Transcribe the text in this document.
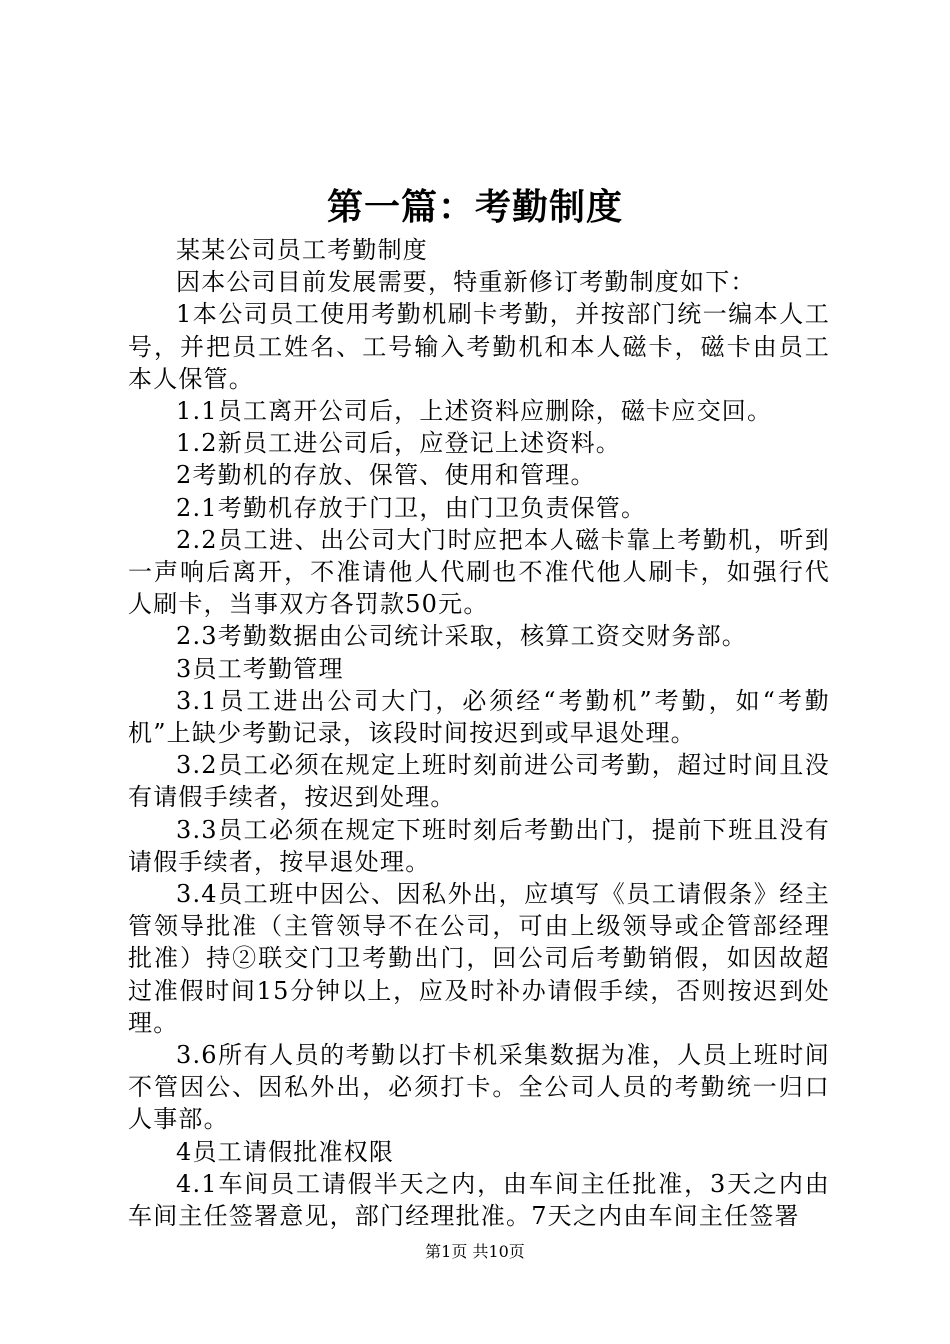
第一篇：考勤制度

某某公司员工考勤制度

因本公司目前发展需要，特重新修订考勤制度如下：

1本公司员工使用考勤机刷卡考勤，并按部门统一编本人工号，并把员工姓名、工号输入考勤机和本人磁卡，磁卡由员工本人保管。

1.1员工离开公司后，上述资料应删除，磁卡应交回。

1.2新员工进公司后，应登记上述资料。

2考勤机的存放、保管、使用和管理。

2.1考勤机存放于门卫，由门卫负责保管。

2.2员工进、出公司大门时应把本人磁卡靠上考勤机，听到一声响后离开，不准请他人代刷也不准代他人刷卡，如强行代人刷卡，当事双方各罚款50元。

2.3考勤数据由公司统计采取，核算工资交财务部。

3员工考勤管理

3.1员工进出公司大门，必须经“考勤机”考勤，如“考勤机”上缺少考勤记录，该段时间按迟到或早退处理。

3.2员工必须在规定上班时刻前进公司考勤，超过时间且没有请假手续者，按迟到处理。

3.3员工必须在规定下班时刻后考勤出门，提前下班且没有请假手续者，按早退处理。

3.4员工班中因公、因私外出，应填写《员工请假条》经主管领导批准（主管领导不在公司，可由上级领导或企管部经理批准）持②联交门卫考勤出门，回公司后考勤销假，如因故超过准假时间15分钟以上，应及时补办请假手续，否则按迟到处理。

3.6所有人员的考勤以打卡机采集数据为准，人员上班时间不管因公、因私外出，必须打卡。全公司人员的考勤统一归口人事部。

4员工请假批准权限

4.1车间员工请假半天之内，由车间主任批准，3天之内由车间主任签署意见，部门经理批准。7天之内由车间主任签署

第1页 共10页
